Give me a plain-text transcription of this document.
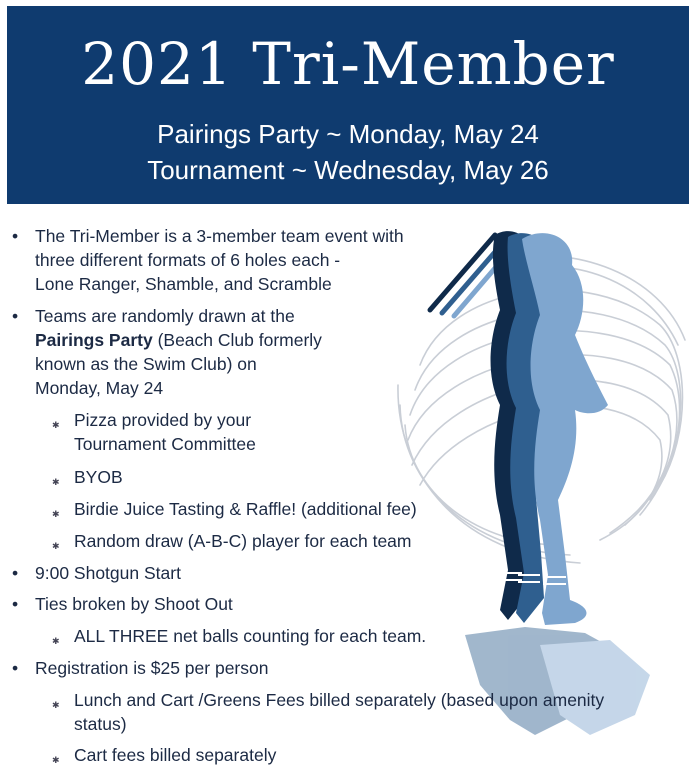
2021 Tri-Member
Pairings Party ~ Monday, May 24
Tournament ~ Wednesday, May 26
• The Tri-Member is a 3-member team event with
three different formats of 6 holes each -
Lone Ranger, Shamble, and Scramble
• Teams are randomly drawn at the
Pairings Party (Beach Club formerly
known as the Swim Club) on
Monday, May 24
✱ Pizza provided by your
Tournament Committee
✱ BYOB
✱ Birdie Juice Tasting & Raffle! (additional fee)
✱ Random draw (A-B-C) player for each team
• 9:00 Shotgun Start
• Ties broken by Shoot Out
✱ ALL THREE net balls counting for each team.
• Registration is $25 per person
✱ Lunch and Cart /Greens Fees billed separately (based upon amenity
status)
✱ Cart fees billed separately
